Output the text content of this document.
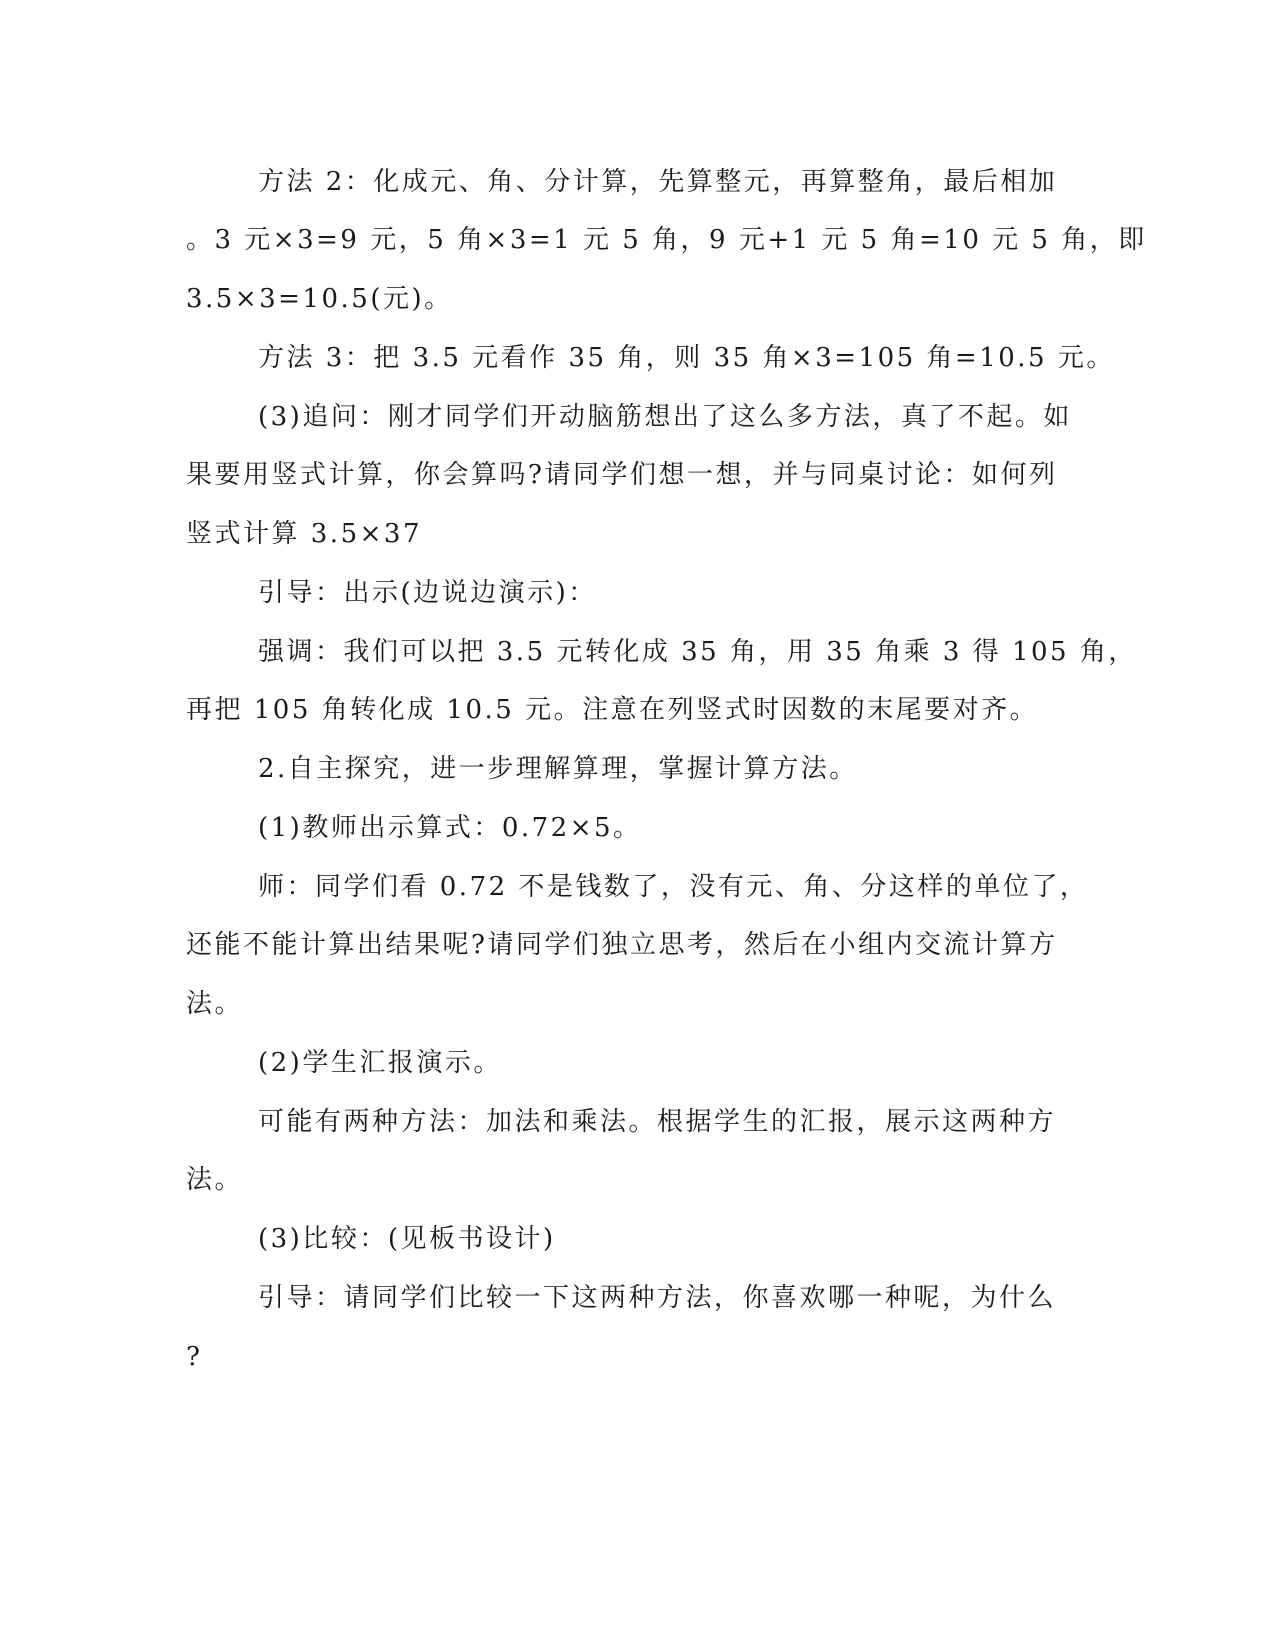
方法 2：化成元、角、分计算，先算整元，再算整角，最后相加
。3 元×3=9 元，5 角×3=1 元 5 角，9 元+1 元 5 角=10 元 5 角，即
3.5×3=10.5(元)。
方法 3：把 3.5 元看作 35 角，则 35 角×3=105 角=10.5 元。
(3)追问：刚才同学们开动脑筋想出了这么多方法，真了不起。如
果要用竖式计算，你会算吗?请同学们想一想，并与同桌讨论：如何列
竖式计算 3.5×37
引导：出示(边说边演示)：
强调：我们可以把 3.5 元转化成 35 角，用 35 角乘 3 得 105 角，
再把 105 角转化成 10.5 元。注意在列竖式时因数的末尾要对齐。
2.自主探究，进一步理解算理，掌握计算方法。
(1)教师出示算式：0.72×5。
师：同学们看 0.72 不是钱数了，没有元、角、分这样的单位了，
还能不能计算出结果呢?请同学们独立思考，然后在小组内交流计算方
法。
(2)学生汇报演示。
可能有两种方法：加法和乘法。根据学生的汇报，展示这两种方
法。
(3)比较：(见板书设计)
引导：请同学们比较一下这两种方法，你喜欢哪一种呢，为什么
?
